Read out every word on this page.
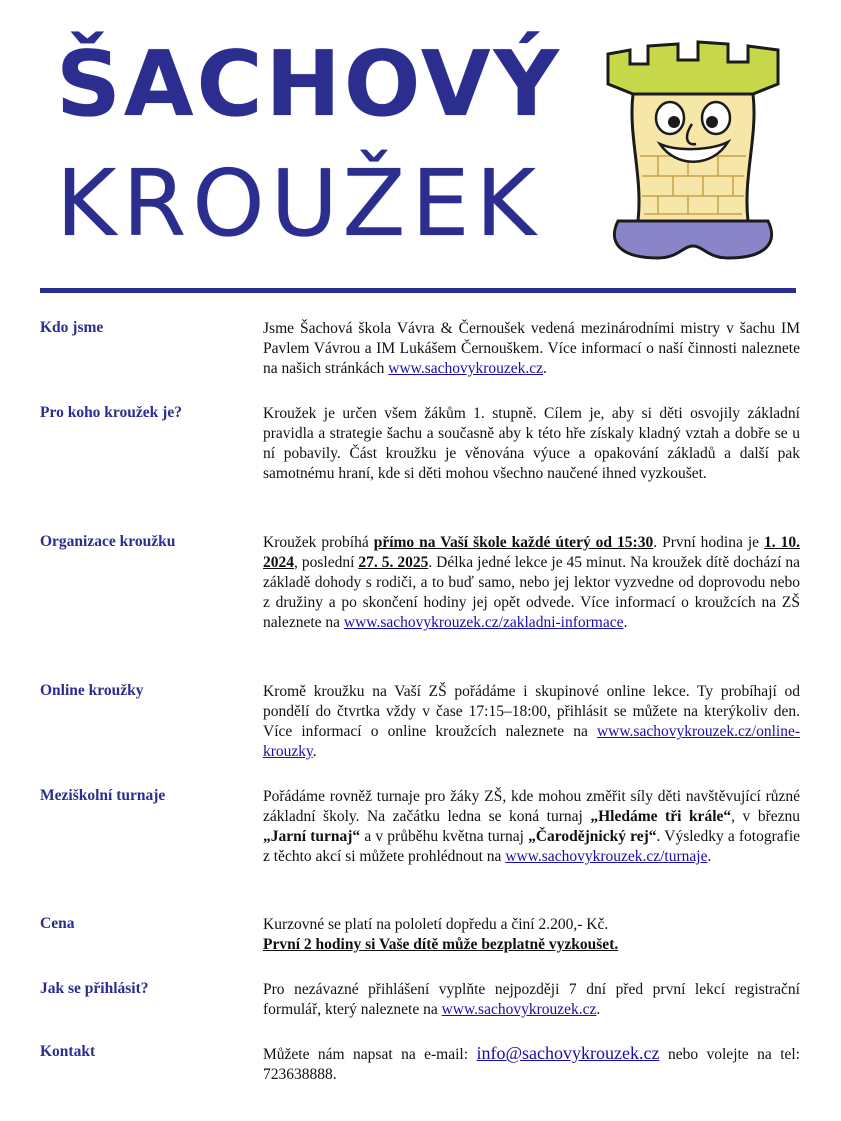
ŠACHOVÝ
KROUŽEK
Kdo jsme	Jsme Šachová škola Vávra & Černoušek vedená mezinárodními mistry v šachu IM Pavlem Vávrou a IM Lukášem Černouškem. Více informací o naší činnosti naleznete na našich stránkách www.sachovykrouzek.cz.
Pro koho kroužek je?	Kroužek je určen všem žákům 1. stupně. Cílem je, aby si děti osvojily základní pravidla a strategie šachu a současně aby k této hře získaly kladný vztah a dobře se u ní pobavily. Část kroužku je věnována výuce a opakování základů a další pak samotnému hraní, kde si děti mohou všechno naučené ihned vyzkoušet.
Organizace kroužku	Kroužek probíhá přímo na Vaší škole každé úterý od 15:30. První hodina je 1. 10. 2024, poslední 27. 5. 2025. Délka jedné lekce je 45 minut. Na kroužek dítě dochází na základě dohody s rodiči, a to buď samo, nebo jej lektor vyzvedne od doprovodu nebo z družiny a po skončení hodiny jej opět odvede. Více informací o kroužcích na ZŠ naleznete na www.sachovykrouzek.cz/zakladni-informace.
Online kroužky	Kromě kroužku na Vaší ZŠ pořádáme i skupinové online lekce. Ty probíhají od pondělí do čtvrtka vždy v čase 17:15–18:00, přihlásit se můžete na kterýkoliv den. Více informací o online kroužcích naleznete na www.sachovykrouzek.cz/online-krouzky.
Meziškolní turnaje	Pořádáme rovněž turnaje pro žáky ZŠ, kde mohou změřit síly děti navštěvující různé základní školy. Na začátku ledna se koná turnaj „Hledáme tři krále“, v březnu „Jarní turnaj“ a v průběhu května turnaj „Čarodějnický rej“. Výsledky a fotografie z těchto akcí si můžete prohlédnout na www.sachovykrouzek.cz/turnaje.
Cena	Kurzovné se platí na pololetí dopředu a činí 2.200,- Kč.
První 2 hodiny si Vaše dítě může bezplatně vyzkoušet.
Jak se přihlásit?	Pro nezávazné přihlášení vyplňte nejpozději 7 dní před první lekcí registrační formulář, který naleznete na www.sachovykrouzek.cz.
Kontakt	Můžete nám napsat na e-mail: info@sachovykrouzek.cz nebo volejte na tel: 723638888.
